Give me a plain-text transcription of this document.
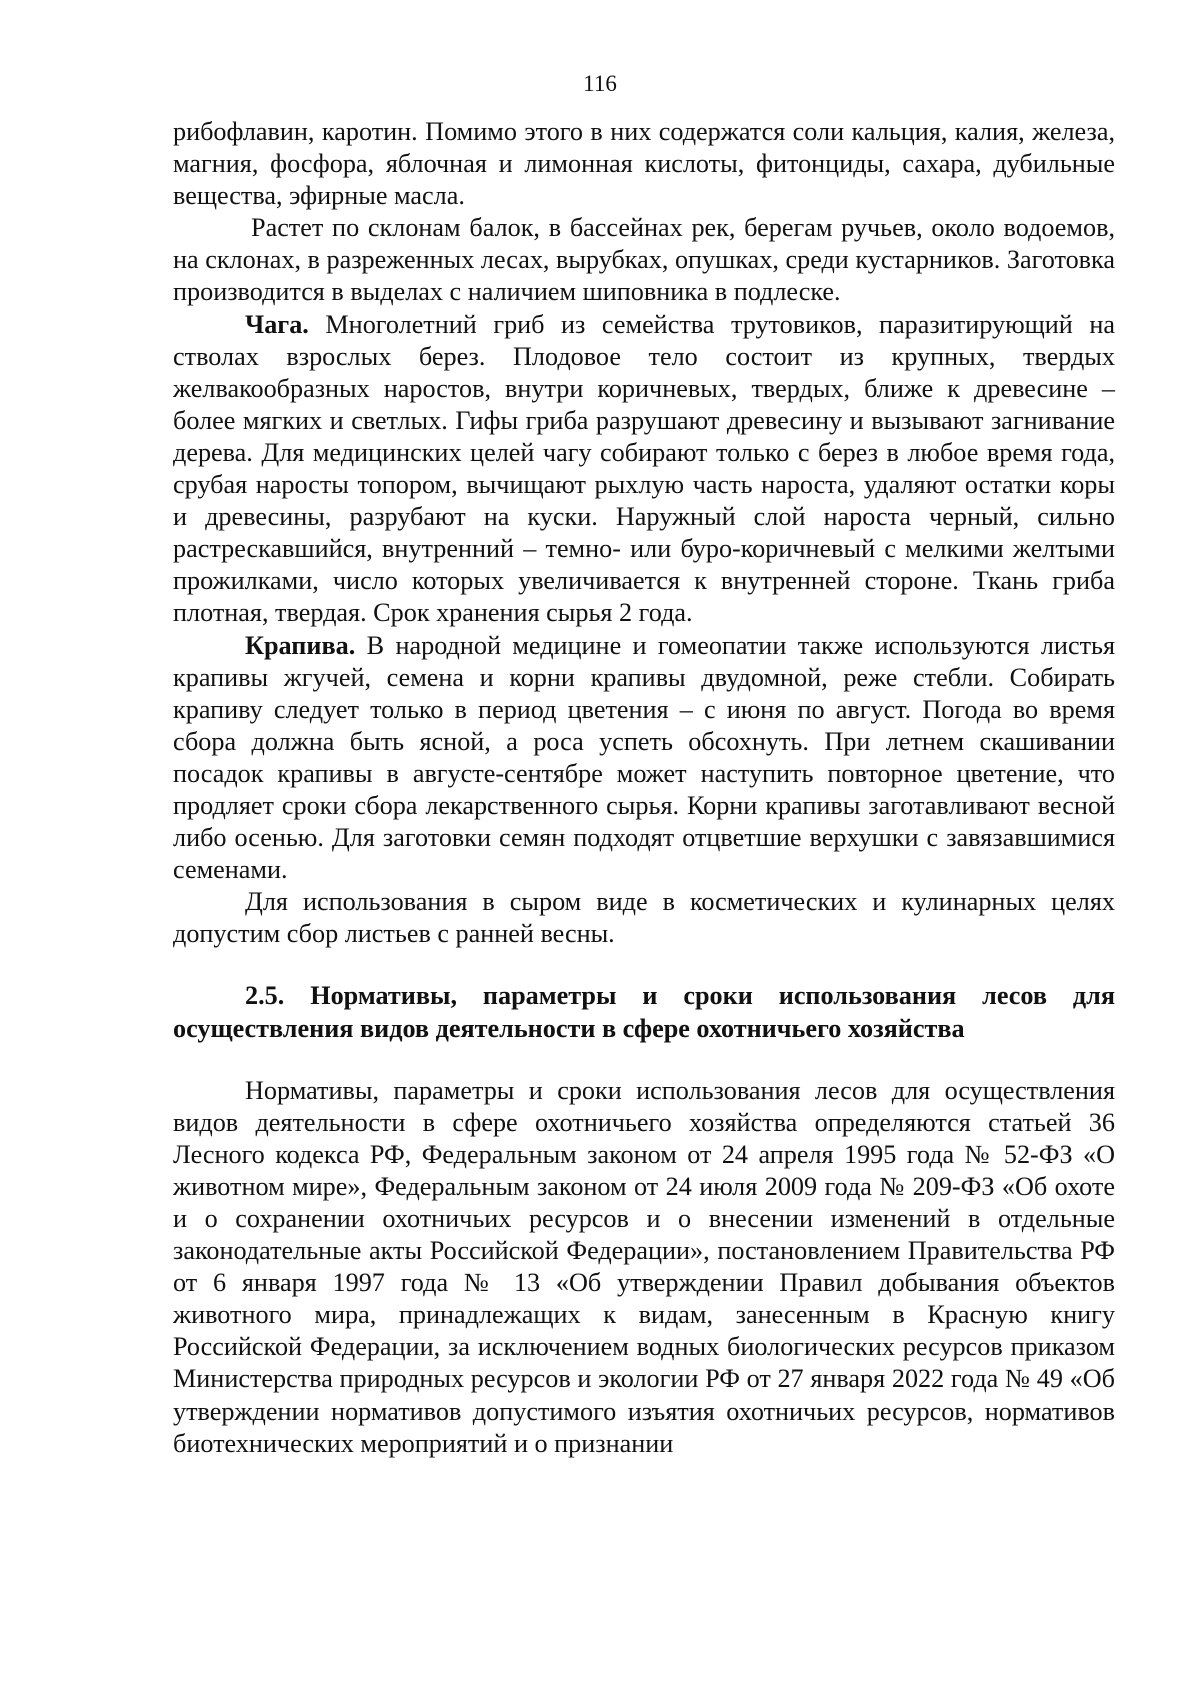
116

рибофлавин, каротин. Помимо этого в них содержатся соли кальция, калия, железа, магния, фосфора, яблочная и лимонная кислоты, фитонциды, сахара, дубильные вещества, эфирные масла.

Растет по склонам балок, в бассейнах рек, берегам ручьев, около водоемов, на склонах, в разреженных лесах, вырубках, опушках, среди кустарников. Заготовка производится в выделах с наличием шиповника в подлеске.

Чага. Многолетний гриб из семейства трутовиков, паразитирующий на стволах взрослых берез. Плодовое тело состоит из крупных, твердых желвакообразных наростов, внутри коричневых, твердых, ближе к древесине – более мягких и светлых. Гифы гриба разрушают древесину и вызывают загнивание дерева. Для медицинских целей чагу собирают только с берез в любое время года, срубая наросты топором, вычищают рыхлую часть нароста, удаляют остатки коры и древесины, разрубают на куски. Наружный слой нароста черный, сильно растрескавшийся, внутренний – темно- или буро-коричневый с мелкими желтыми прожилками, число которых увеличивается к внутренней стороне. Ткань гриба плотная, твердая. Срок хранения сырья 2 года.

Крапива. В народной медицине и гомеопатии также используются листья крапивы жгучей, семена и корни крапивы двудомной, реже стебли. Собирать крапиву следует только в период цветения – с июня по август. Погода во время сбора должна быть ясной, а роса успеть обсохнуть. При летнем скашивании посадок крапивы в августе-сентябре может наступить повторное цветение, что продляет сроки сбора лекарственного сырья. Корни крапивы заготавливают весной либо осенью. Для заготовки семян подходят отцветшие верхушки с завязавшимися семенами.

Для использования в сыром виде в косметических и кулинарных целях допустим сбор листьев с ранней весны.

2.5. Нормативы, параметры и сроки использования лесов для осуществления видов деятельности в сфере охотничьего хозяйства

Нормативы, параметры и сроки использования лесов для осуществления видов деятельности в сфере охотничьего хозяйства определяются статьей 36 Лесного кодекса РФ, Федеральным законом от 24 апреля 1995 года № 52-ФЗ «О животном мире», Федеральным законом от 24 июля 2009 года № 209-ФЗ «Об охоте и о сохранении охотничьих ресурсов и о внесении изменений в отдельные законодательные акты Российской Федерации», постановлением Правительства РФ от 6 января 1997 года № 13 «Об утверждении Правил добывания объектов животного мира, принадлежащих к видам, занесенным в Красную книгу Российской Федерации, за исключением водных биологических ресурсов приказом Министерства природных ресурсов и экологии РФ от 27 января 2022 года № 49 «Об утверждении нормативов допустимого изъятия охотничьих ресурсов, нормативов биотехнических мероприятий и о признании
